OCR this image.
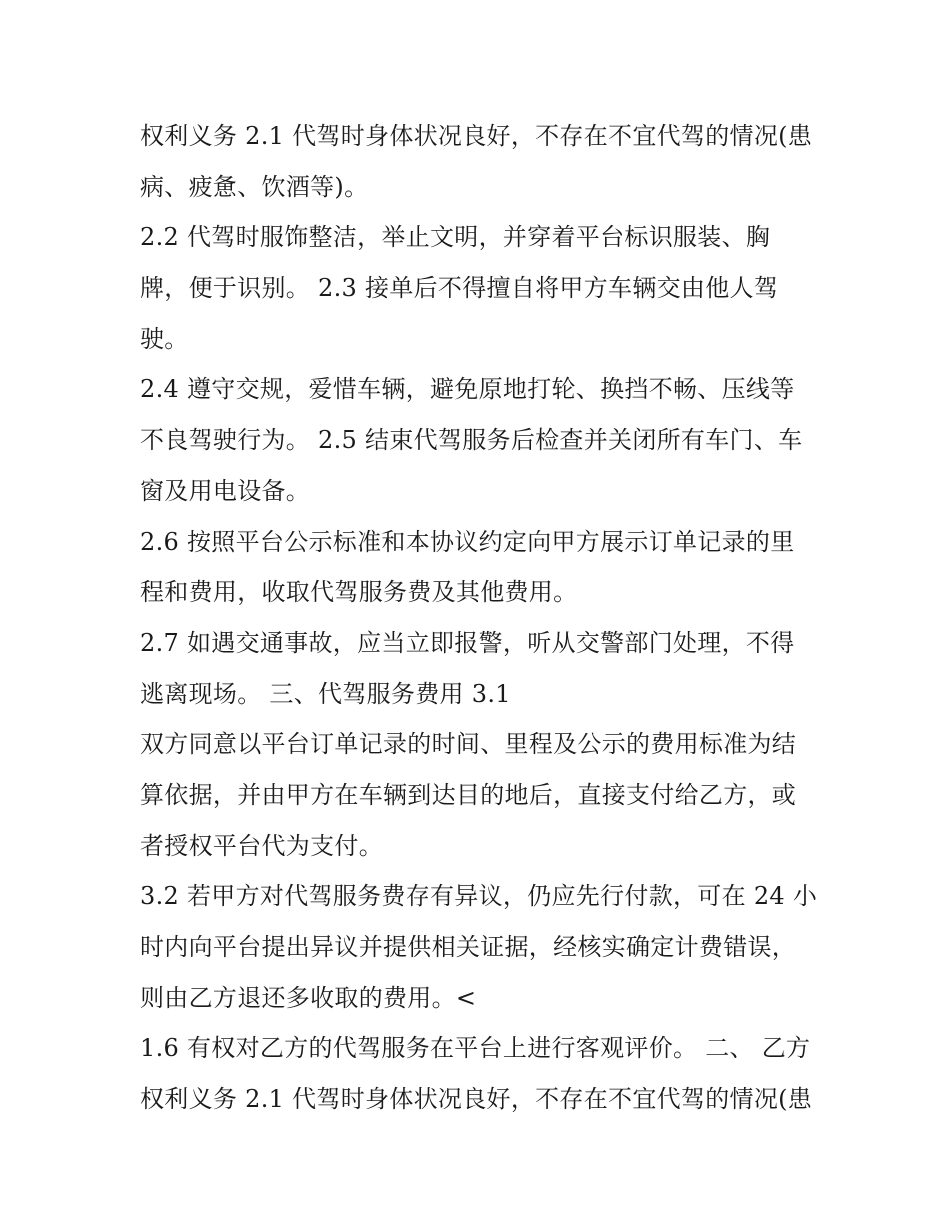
权利义务 2.1 代驾时身体状况良好，不存在不宜代驾的情况(患
病、疲惫、饮酒等)。
2.2 代驾时服饰整洁，举止文明，并穿着平台标识服装、胸
牌，便于识别。 2.3 接单后不得擅自将甲方车辆交由他人驾
驶。
2.4 遵守交规，爱惜车辆，避免原地打轮、换挡不畅、压线等
不良驾驶行为。 2.5 结束代驾服务后检查并关闭所有车门、车
窗及用电设备。
2.6 按照平台公示标准和本协议约定向甲方展示订单记录的里
程和费用，收取代驾服务费及其他费用。
2.7 如遇交通事故，应当立即报警，听从交警部门处理，不得
逃离现场。 三、代驾服务费用 3.1
双方同意以平台订单记录的时间、里程及公示的费用标准为结
算依据，并由甲方在车辆到达目的地后，直接支付给乙方，或
者授权平台代为支付。
3.2 若甲方对代驾服务费存有异议，仍应先行付款，可在 24 小
时内向平台提出异议并提供相关证据，经核实确定计费错误，
则由乙方退还多收取的费用。<
1.6 有权对乙方的代驾服务在平台上进行客观评价。 二、 乙方
权利义务 2.1 代驾时身体状况良好，不存在不宜代驾的情况(患
